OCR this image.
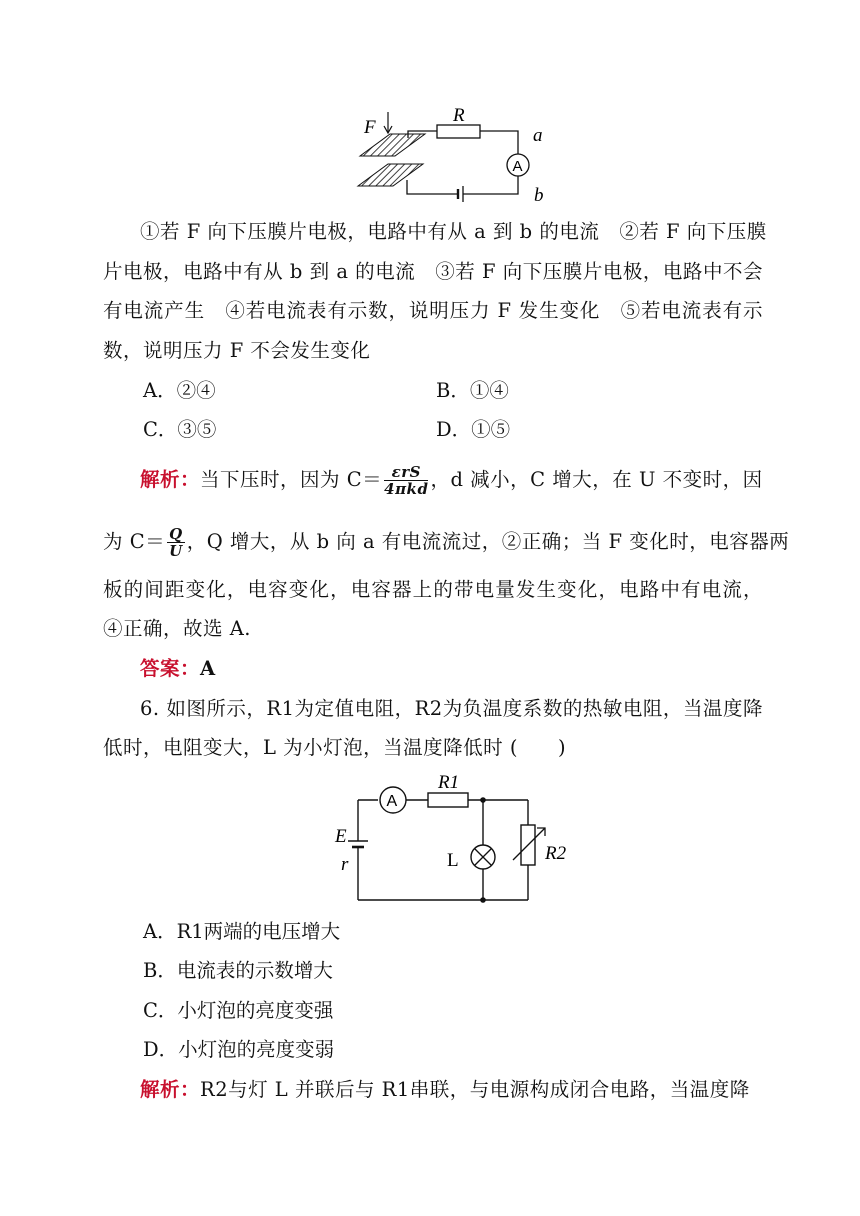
F
R
a
b
A
①若 F 向下压膜片电极，电路中有从 a 到 b 的电流　②若 F 向下压膜
片电极，电路中有从 b 到 a 的电流　③若 F 向下压膜片电极，电路中不会
有电流产生　④若电流表有示数，说明压力 F 发生变化　⑤若电流表有示
数，说明压力 F 不会发生变化
A．②④	B．①④
C．③⑤	D．①⑤
解析：当下压时，因为 $C= \frac{\text{εrS}}{\text{4πkd}}$ ，d 减小，C 增大，在 U 不变时，因
为 $C= \frac{Q}{U}$ ，Q 增大，从 b 向 a 有电流流过，②正确；当 F 变化时，电容器两
板的间距变化，电容变化，电容器上的带电量发生变化，电路中有电流，
④正确，故选 A.
答案：A
6. 如图所示，R1为定值电阻，R2为负温度系数的热敏电阻，当温度降
低时，电阻变大，L 为小灯泡，当温度降低时 (　　)
A
R1
E
r	L	R2
A．R1两端的电压增大
B．电流表的示数增大
C．小灯泡的亮度变强
D．小灯泡的亮度变弱
解析：R2与灯 L 并联后与 R1串联，与电源构成闭合电路，当温度降
